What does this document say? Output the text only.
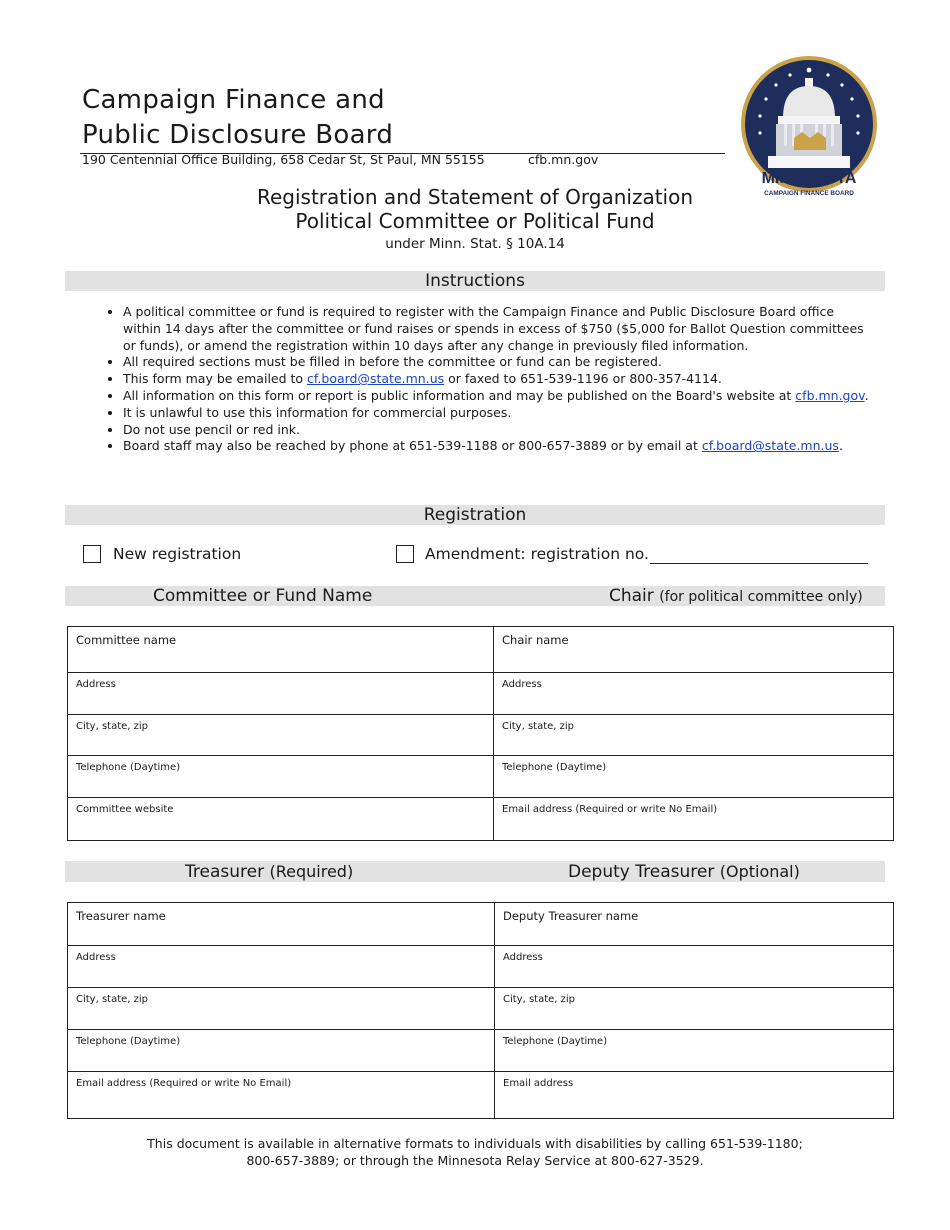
Campaign Finance and
Public Disclosure Board
190 Centennial Office Building, 658 Cedar St, St Paul, MN 55155	cfb.mn.gov
MINNESOTA
CAMPAIGN FINANCE BOARD
Registration and Statement of Organization
Political Committee or Political Fund
under Minn. Stat. § 10A.14
Instructions
• A political committee or fund is required to register with the Campaign Finance and Public Disclosure Board office within 14 days after the committee or fund raises or spends in excess of $750 ($5,000 for Ballot Question committees or funds), or amend the registration within 10 days after any change in previously filed information.
• All required sections must be filled in before the committee or fund can be registered.
• This form may be emailed to cf.board@state.mn.us or faxed to 651-539-1196 or 800-357-4114.
• All information on this form or report is public information and may be published on the Board's website at cfb.mn.gov.
• It is unlawful to use this information for commercial purposes.
• Do not use pencil or red ink.
• Board staff may also be reached by phone at 651-539-1188 or 800-657-3889 or by email at cf.board@state.mn.us.
Registration
New registration	Amendment: registration no.
Committee or Fund Name	Chair (for political committee only)
Committee name	Chair name
Address	Address
City, state, zip	City, state, zip
Telephone (Daytime)	Telephone (Daytime)
Committee website	Email address (Required or write No Email)
Treasurer (Required)	Deputy Treasurer (Optional)
Treasurer name	Deputy Treasurer name
Address	Address
City, state, zip	City, state, zip
Telephone (Daytime)	Telephone (Daytime)
Email address (Required or write No Email)	Email address
This document is available in alternative formats to individuals with disabilities by calling 651-539-1180;
800-657-3889; or through the Minnesota Relay Service at 800-627-3529.
